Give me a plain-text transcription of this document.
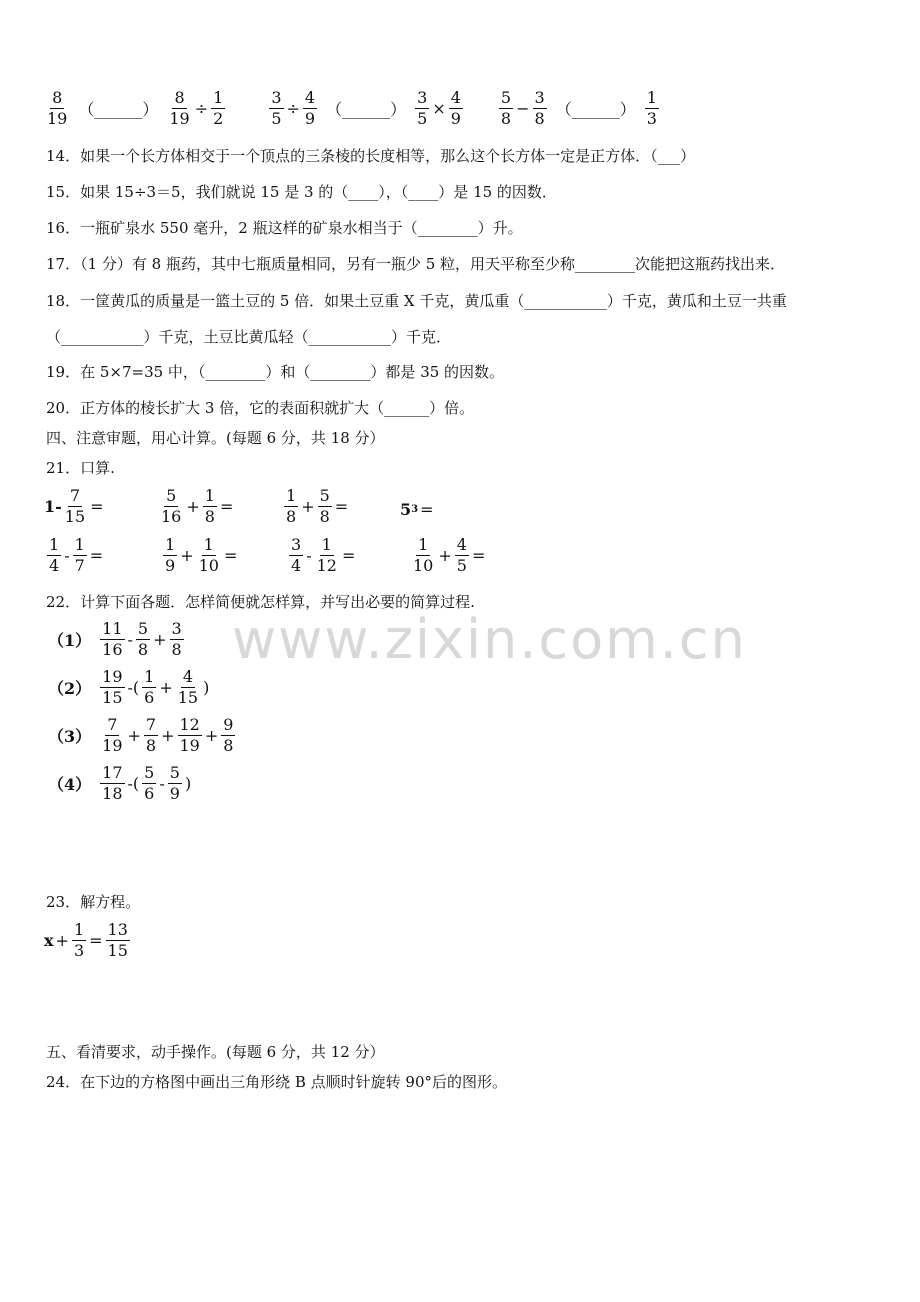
$\frac{8}{19}$ （______） $\frac{8}{19} \div \frac{1}{2}$	$\frac{3}{5} \div \frac{4}{9}$ （______） $\frac{3}{5} \times \frac{4}{9} \frac{5}{8} - \frac{3}{8}$ （______） $\frac{1}{3}$
14．如果一个长方体相交于一个顶点的三条棱的长度相等，那么这个长方体一定是正方体．（___）
15．如果 15÷3＝5，我们就说 15 是 3 的（____），（____）是 15 的因数．
16．一瓶矿泉水 550 毫升，2 瓶这样的矿泉水相当于（________）升。
17．（1 分）有 8 瓶药，其中七瓶质量相同，另有一瓶少 5 粒，用天平称至少称________次能把这瓶药找出来．
18．一筐黄瓜的质量是一篮土豆的 5 倍．如果土豆重 X 千克，黄瓜重（___________）千克，黄瓜和土豆一共重
（___________）千克，土豆比黄瓜轻（___________）千克．
19．在 5×7=35 中，（________）和（________）都是 35 的因数。
20．正方体的棱长扩大 3 倍，它的表面积就扩大（______）倍。
四、注意审题，用心计算。(每题 6 分，共 18 分）
21．口算.
$1- \frac{7}{15}$ =	$\frac{5}{16} + \frac{1}{8}$ =	$\frac{1}{8} + \frac{5}{8}$ =	5 3 =
$\frac{1}{4} - \frac{1}{7}$ =	$\frac{1}{9} + \frac{1}{10}$ =	$\frac{3}{4} - \frac{1}{12}$ =	$\frac{1}{10} + \frac{4}{5}$ =
22．计算下面各题．怎样简便就怎样算，并写出必要的简算过程.
$(1) \frac{11}{16} - \frac{5}{8} + \frac{3}{8}$
$(2) \frac{19}{15}$ -( $\frac{1}{6} + \frac{4}{15}$ )
$(3) \frac{7}{19} + \frac{7}{8} + \frac{12}{19} + \frac{9}{8}$
$(4) \frac{17}{18}$ -( $\frac{5}{6} - \frac{5}{9}$ )
23．解方程。
$x + \frac{1}{3} = \frac{13}{15}$
五、看清要求，动手操作。(每题 6 分，共 12 分）
24．在下边的方格图中画出三角形绕 B 点顺时针旋转 90°后的图形。
www.zixin.com.cn
